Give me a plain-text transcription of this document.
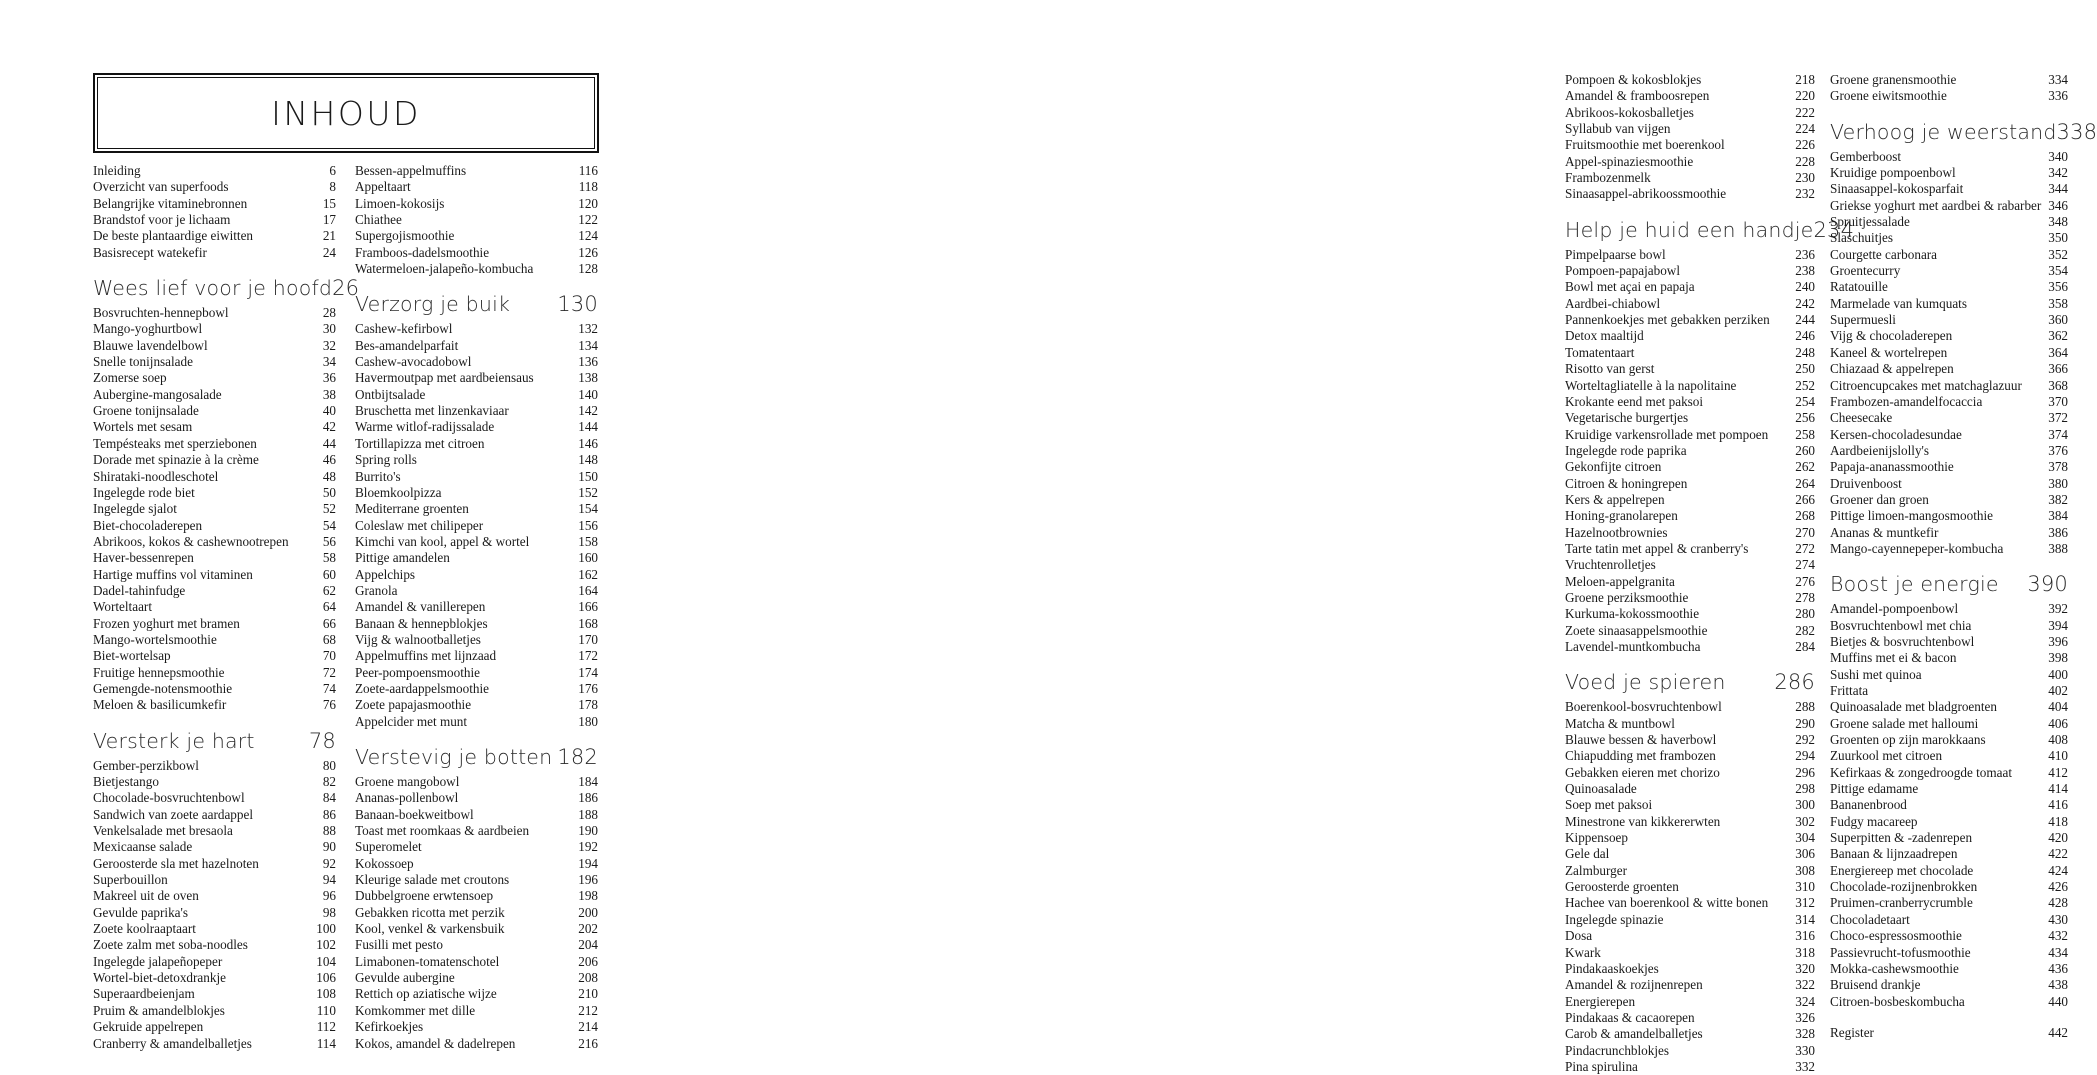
INHOUD
Inleiding	6
Overzicht van superfoods	8
Belangrijke vitaminebronnen	15
Brandstof voor je lichaam	17
De beste plantaardige eiwitten	21
Basisrecept watekefir	24
Wees lief voor je hoofd 26
Bosvruchten-hennepbowl	28
Mango-yoghurtbowl	30
Blauwe lavendelbowl	32
Snelle tonijnsalade	34
Zomerse soep	36
Aubergine-mangosalade	38
Groene tonijnsalade	40
Wortels met sesam	42
Tempésteaks met sperziebonen	44
Dorade met spinazie à la crème	46
Shirataki-noodleschotel	48
Ingelegde rode biet	50
Ingelegde sjalot	52
Biet-chocoladerepen	54
Abrikoos, kokos & cashewnootrepen	56
Haver-bessenrepen	58
Hartige muffins vol vitaminen	60
Dadel-tahinfudge	62
Worteltaart	64
Frozen yoghurt met bramen	66
Mango-wortelsmoothie	68
Biet-wortelsap	70
Fruitige hennepsmoothie	72
Gemengde-notensmoothie	74
Meloen & basilicumkefir	76
Versterk je hart	78
Gember-perzikbowl	80
Bietjestango	82
Chocolade-bosvruchtenbowl	84
Sandwich van zoete aardappel	86
Venkelsalade met bresaola	88
Mexicaanse salade	90
Geroosterde sla met hazelnoten	92
Superbouillon	94
Makreel uit de oven	96
Gevulde paprika's	98
Zoete koolraaptaart	100
Zoete zalm met soba-noodles	102
Ingelegde jalapeñopeper	104
Wortel-biet-detoxdrankje	106
Superaardbeienjam	108
Pruim & amandelblokjes	110
Gekruide appelrepen	112
Cranberry & amandelballetjes	114
Bessen-appelmuffins	116
Appeltaart	118
Limoen-kokosijs	120
Chiathee	122
Supergojismoothie	124
Framboos-dadelsmoothie	126
Watermeloen-jalapeño-kombucha	128
Verzorg je buik 130
Cashew-kefirbowl	132
Bes-amandelparfait	134
Cashew-avocadobowl	136
Havermoutpap met aardbeiensaus	138
Ontbijtsalade	140
Bruschetta met linzenkaviaar	142
Warme witlof-radijssalade	144
Tortillapizza met citroen	146
Spring rolls	148
Burrito's	150
Bloemkoolpizza	152
Mediterrane groenten	154
Coleslaw met chilipeper	156
Kimchi van kool, appel & wortel	158
Pittige amandelen	160
Appelchips	162
Granola	164
Amandel & vanillerepen	166
Banaan & hennepblokjes	168
Vijg & walnootballetjes	170
Appelmuffins met lijnzaad	172
Peer-pompoensmoothie	174
Zoete-aardappelsmoothie	176
Zoete papajasmoothie	178
Appelcider met munt	180
Verstevig je botten 182
Groene mangobowl	184
Ananas-pollenbowl	186
Banaan-boekweitbowl	188
Toast met roomkaas & aardbeien	190
Superomelet	192
Kokossoep	194
Kleurige salade met croutons	196
Dubbelgroene erwtensoep	198
Gebakken ricotta met perzik	200
Kool, venkel & varkensbuik	202
Fusilli met pesto	204
Limabonen-tomatenschotel	206
Gevulde aubergine	208
Rettich op aziatische wijze	210
Komkommer met dille	212
Kefirkoekjes	214
Kokos, amandel & dadelrepen	216
Pompoen & kokosblokjes	218
Amandel & framboosrepen	220
Abrikoos-kokosballetjes	222
Syllabub van vijgen	224
Fruitsmoothie met boerenkool	226
Appel-spinaziesmoothie	228
Frambozenmelk	230
Sinaasappel-abrikoossmoothie	232
Help je huid een handje 234
Pimpelpaarse bowl	236
Pompoen-papajabowl	238
Bowl met açai en papaja	240
Aardbei-chiabowl	242
Pannenkoekjes met gebakken perziken 244
Detox maaltijd	246
Tomatentaart	248
Risotto van gerst	250
Worteltagliatelle à la napolitaine	252
Krokante eend met paksoi	254
Vegetarische burgertjes	256
Kruidige varkensrollade met pompoen 258
Ingelegde rode paprika	260
Gekonfijte citroen	262
Citroen & honingrepen	264
Kers & appelrepen	266
Honing-granolarepen	268
Hazelnootbrownies	270
Tarte tatin met appel & cranberry's	272
Vruchtenrolletjes	274
Meloen-appelgranita	276
Groene perziksmoothie	278
Kurkuma-kokossmoothie	280
Zoete sinaasappelsmoothie	282
Lavendel-muntkombucha	284
Voed je spieren 286
Boerenkool-bosvruchtenbowl	288
Matcha & muntbowl	290
Blauwe bessen & haverbowl	292
Chiapudding met frambozen	294
Gebakken eieren met chorizo	296
Quinoasalade	298
Soep met paksoi	300
Minestrone van kikkererwten	302
Kippensoep	304
Gele dal	306
Zalmburger	308
Geroosterde groenten	310
Hachee van boerenkool & witte bonen 312
Ingelegde spinazie	314
Dosa	316
Kwark	318
Pindakaaskoekjes	320
Amandel & rozijnenrepen	322
Energierepen	324
Pindakaas & cacaorepen	326
Carob & amandelballetjes	328
Pindacrunchblokjes	330
Pina spirulina	332
Groene granensmoothie	334
Groene eiwitsmoothie	336
Verhoog je weerstand 338
Gemberboost	340
Kruidige pompoenbowl	342
Sinaasappel-kokosparfait	344
Griekse yoghurt met aardbei & rabarber 346
Spruitjessalade	348
Slaschuitjes	350
Courgette carbonara	352
Groentecurry	354
Ratatouille	356
Marmelade van kumquats	358
Supermuesli	360
Vijg & chocoladerepen	362
Kaneel & wortelrepen	364
Chiazaad & appelrepen	366
Citroencupcakes met matchaglazuur 368
Frambozen-amandelfocaccia	370
Cheesecake	372
Kersen-chocoladesundae	374
Aardbeienijslolly's	376
Papaja-ananassmoothie	378
Druivenboost	380
Groener dan groen	382
Pittige limoen-mangosmoothie	384
Ananas & muntkefir	386
Mango-cayennepeper-kombucha	388
Boost je energie 390
Amandel-pompoenbowl	392
Bosvruchtenbowl met chia	394
Bietjes & bosvruchtenbowl	396
Muffins met ei & bacon	398
Sushi met quinoa	400
Frittata	402
Quinoasalade met bladgroenten	404
Groene salade met halloumi	406
Groenten op zijn marokkaans	408
Zuurkool met citroen	410
Kefirkaas & zongedroogde tomaat	412
Pittige edamame	414
Bananenbrood	416
Fudgy macareep	418
Superpitten & -zadenrepen	420
Banaan & lijnzaadrepen	422
Energiereep met chocolade	424
Chocolade-rozijnenbrokken	426
Pruimen-cranberrycrumble	428
Chocoladetaart	430
Choco-espressosmoothie	432
Passievrucht-tofusmoothie	434
Mokka-cashewsmoothie	436
Bruisend drankje	438
Citroen-bosbeskombucha	440
Register	442
